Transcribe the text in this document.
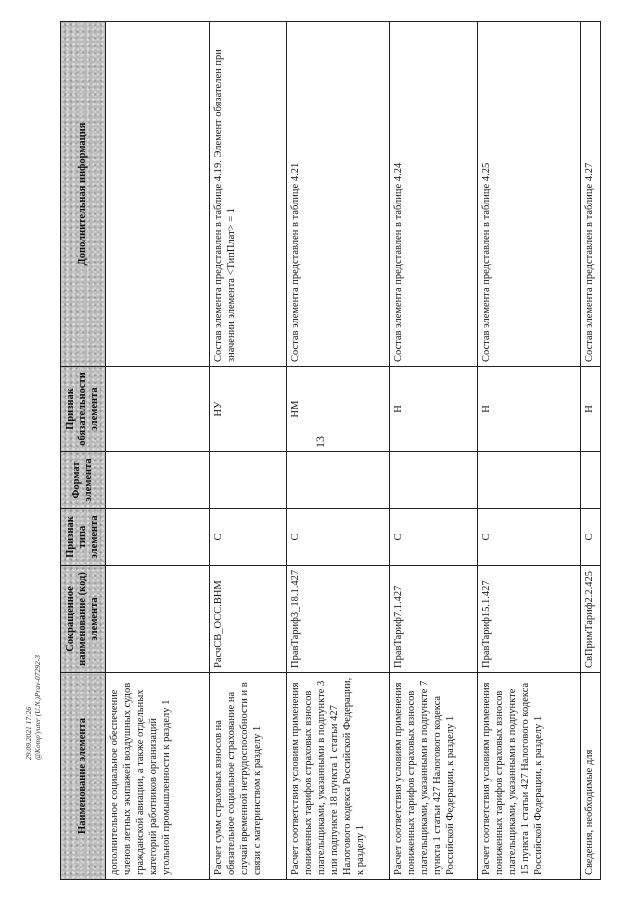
13
29.09.2021 17:26 @Komp'yuter (U.N.)Prav-07292-3
Наименование элемента	Сокращенное наименование (код) элемента	Признак типа элемента	Формат элемента	Признак обязательности элемента	Дополнительная информация
дополнительное социальное обеспечение членов летных экипажей воздушных судов гражданской авиации, а также отдельных категорий работников организаций угольной промышленности к разделу 1					
Расчет сумм страховых взносов на обязательное социальное страхование на случай временной нетрудоспособности и в связи с материнством к разделу 1	РасчСВ_ОСС.ВНМ	С		НУ	Состав элемента представлен в таблице 4.19. Элемент обязателен при значении элемента <ТипПлат> = 1
Расчет соответствия условиям применения пониженных тарифов страховых взносов плательщиками, указанными в подпункте 3 или подпункте 18 пункта 1 статьи 427 Налогового кодекса Российской Федерации, к разделу 1	ПравТариф3_18.1.427	С		НМ	Состав элемента представлен в таблице 4.21
Расчет соответствия условиям применения пониженных тарифов страховых взносов плательщиками, указанными в подпункте 7 пункта 1 статьи 427 Налогового кодекса Российской Федерации, к разделу 1	ПравТариф7.1.427	С		Н	Состав элемента представлен в таблице 4.24
Расчет соответствия условиям применения пониженных тарифов страховых взносов плательщиками, указанными в подпункте 15 пункта 1 статьи 427 Налогового кодекса Российской Федерации, к разделу 1	ПравТариф15.1.427	С		Н	Состав элемента представлен в таблице 4.25
Сведения, необходимые для	СвПримТариф2.2.425	С		Н	Состав элемента представлен в таблице 4.27
